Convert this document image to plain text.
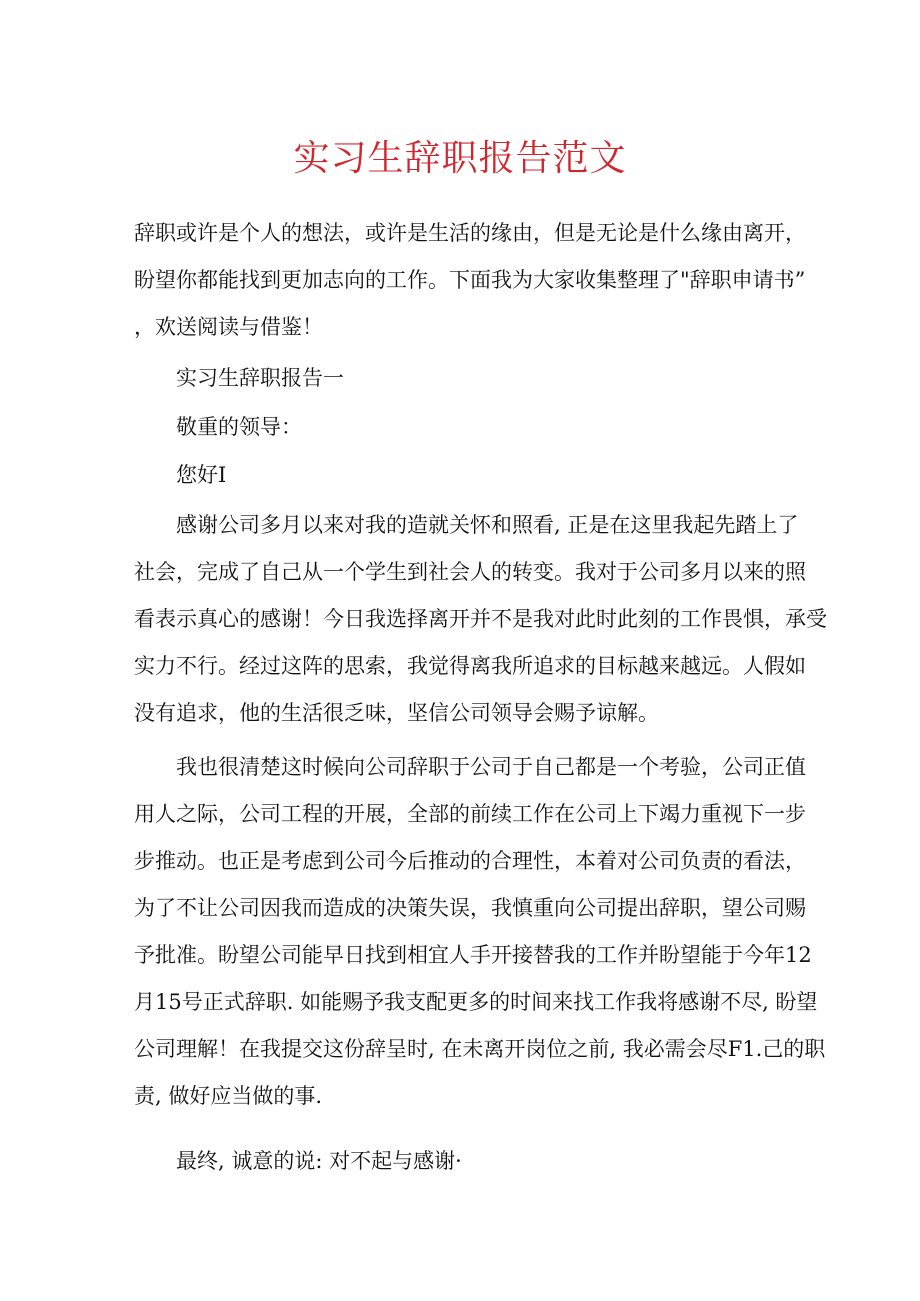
实习生辞职报告范文
辞职或许是个人的想法，或许是生活的缘由，但是无论是什么缘由离开，
盼望你都能找到更加志向的工作。下面我为大家收集整理了"辞职申请书”
，欢送阅读与借鉴！

实习生辞职报告一

敬重的领导：

您好I

感谢公司多月以来对我的造就关怀和照看, 正是在这里我起先踏上了
社会，完成了自己从一个学生到社会人的转变。我对于公司多月以来的照
看表示真心的感谢！今日我选择离开并不是我对此时此刻的工作畏惧，承受
实力不行。经过这阵的思索，我觉得离我所追求的目标越来越远。人假如
没有追求，他的生活很乏味，坚信公司领导会赐予谅解。
我也很清楚这时候向公司辞职于公司于自己都是一个考验，公司正值
用人之际，公司工程的开展，全部的前续工作在公司上下竭力重视下一步
步推动。也正是考虑到公司今后推动的合理性，本着对公司负责的看法，
为了不让公司因我而造成的决策失误，我慎重向公司提出辞职，望公司赐
予批准。盼望公司能早日找到相宜人手开接替我的工作并盼望能于今年12
月15号正式辞职. 如能赐予我支配更多的时间来找工作我将感谢不尽, 盼望
公司理解！在我提交这份辞呈时, 在未离开岗位之前, 我必需会尽F1.己的职
责, 做好应当做的事.

最终, 诚意的说: 对不起与感谢·
